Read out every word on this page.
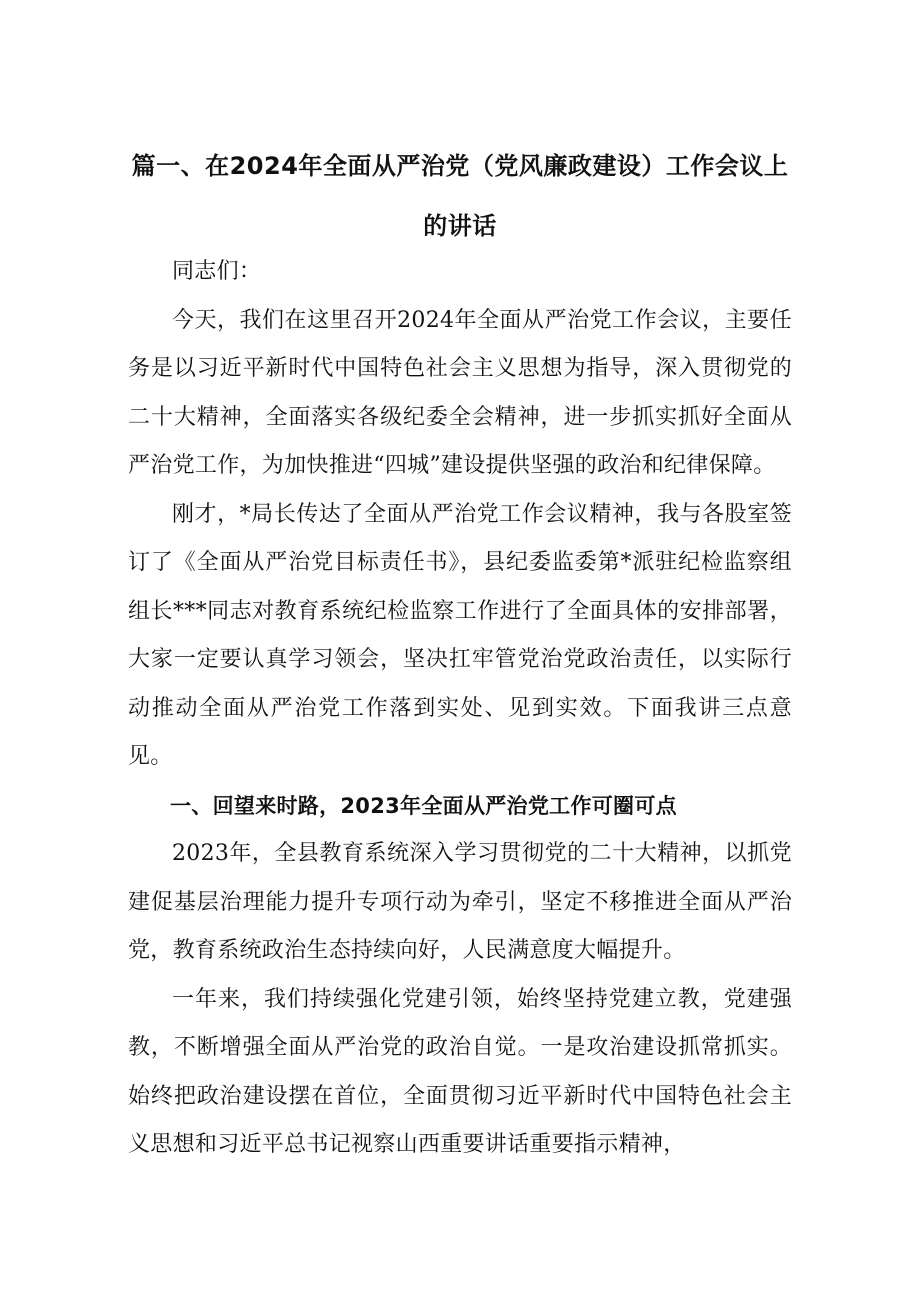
篇一、在2024年全面从严治党（党风廉政建设）工作会议上
的讲话

同志们：

今天，我们在这里召开2024年全面从严治党工作会议，主要任务是以习近平新时代中国特色社会主义思想为指导，深入贯彻党的二十大精神，全面落实各级纪委全会精神，进一步抓实抓好全面从严治党工作，为加快推进“四城”建设提供坚强的政治和纪律保障。

刚才，*局长传达了全面从严治党工作会议精神，我与各股室签订了《全面从严治党目标责任书》，县纪委监委第*派驻纪检监察组组长***同志对教育系统纪检监察工作进行了全面具体的安排部署，大家一定要认真学习领会，坚决扛牢管党治党政治责任，以实际行动推动全面从严治党工作落到实处、见到实效。下面我讲三点意见。

一、回望来时路，2023年全面从严治党工作可圈可点

2023年，全县教育系统深入学习贯彻党的二十大精神，以抓党建促基层治理能力提升专项行动为牵引，坚定不移推进全面从严治党，教育系统政治生态持续向好，人民满意度大幅提升。

一年来，我们持续强化党建引领，始终坚持党建立教，党建强教，不断增强全面从严治党的政治自觉。一是攻治建设抓常抓实。始终把政治建设摆在首位，全面贯彻习近平新时代中国特色社会主义思想和习近平总书记视察山西重要讲话重要指示精神，
